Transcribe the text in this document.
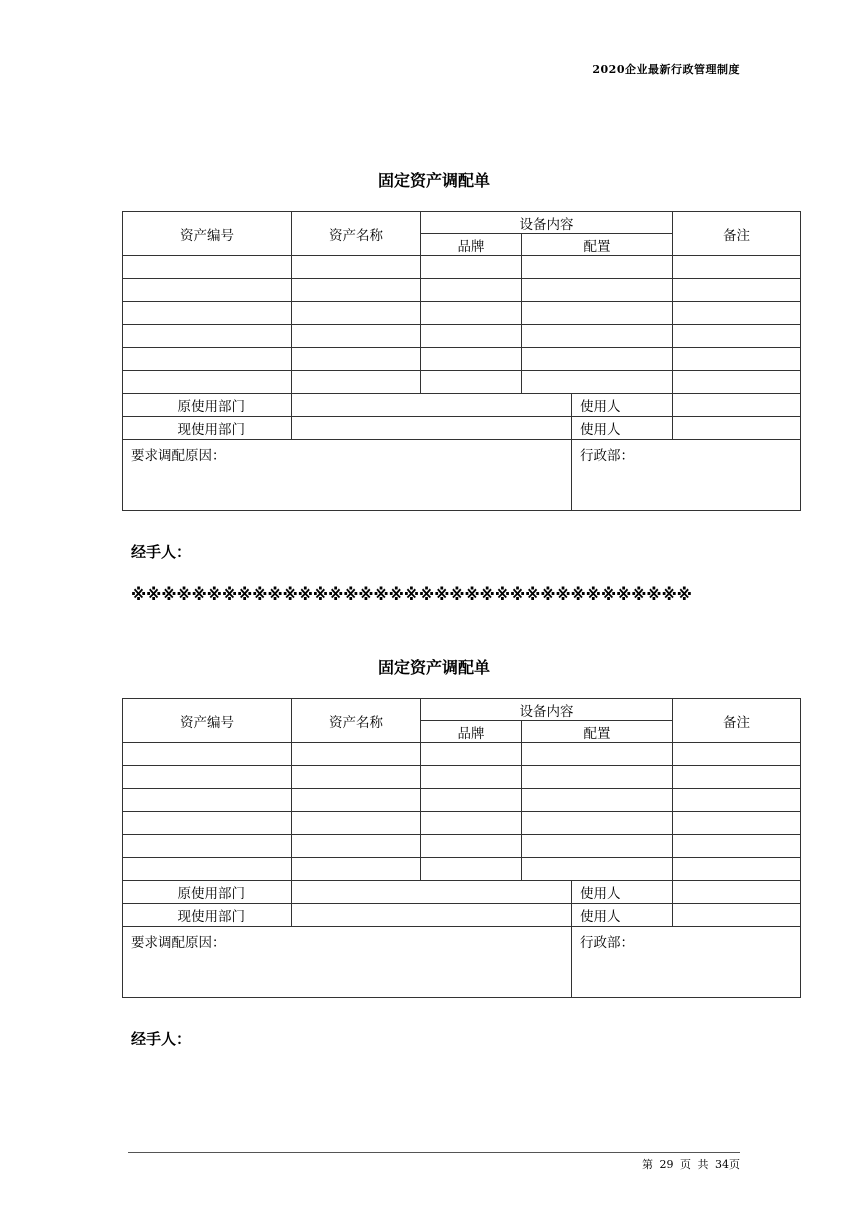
2020企业最新行政管理制度
固定资产调配单
资产编号	资产名称	设备内容			备注
		品牌	配置		

原使用部门				使用人	
现使用部门				使用人	
要求调配原因：				行政部：	
经手人：
※※※※※※※※※※※※※※※※※※※※※※※※※※※※※※※※※※※※※
固定资产调配单
资产编号	资产名称	设备内容			备注
		品牌	配置		

原使用部门				使用人	
现使用部门				使用人	
要求调配原因：				行政部：	
经手人：
第 29 页 共 34页
